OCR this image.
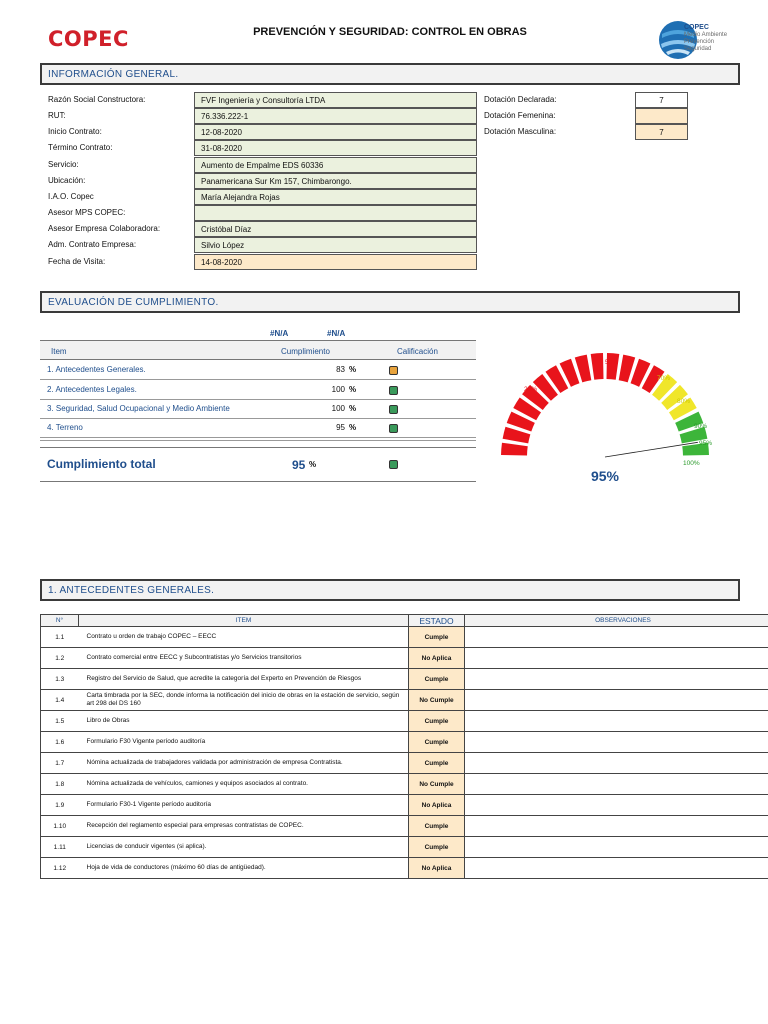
COPEC	PREVENCIÓN Y SEGURIDAD: CONTROL EN OBRAS	COPEC
Medio Ambiente
Prevención
Seguridad
INFORMACIÓN GENERAL.
Razón Social Constructora:	FVF Ingeniería y Consultoría LTDA
RUT:	76.336.222-1
Inicio Contrato:	12-08-2020
Término Contrato:	31-08-2020
Servicio:	Aumento de Empalme EDS 60336
Ubicación:	Panamericana Sur Km 157, Chimbarongo.
I.A.O. Copec	María Alejandra Rojas
Asesor MPS COPEC:
Asesor Empresa Colaboradora:	Cristóbal Díaz
Adm. Contrato Empresa:	Silvio López
Fecha de Visita:	14-08-2020
Dotación Declarada:	7
Dotación Femenina:
Dotación Masculina:	7
EVALUACIÓN DE CUMPLIMIENTO.
#N/A	#N/A
Item	Cumplimiento	Calificación
1. Antecedentes Generales.	83 %
2. Antecedentes Legales.	100 %
3. Seguridad, Salud Ocupacional y Medio Ambiente	100 %
4. Terreno	95 %
Cumplimiento total	95 %
25%
50%
70%
80%
90%
95%
100%
95%
1. ANTECEDENTES GENERALES.
N°	ITEM	ESTADO	OBSERVACIONES
1.1	Contrato u orden de trabajo COPEC – EECC	Cumple	
1.2	Contrato comercial entre EECC y Subcontratistas y/o Servicios transitorios	No Aplica	
1.3	Registro del Servicio de Salud, que acredite la categoría del Experto en Prevención de Riesgos	Cumple	
1.4	Carta timbrada por la SEC, donde informa la notificación del inicio de obras en la estación de servicio, según art 298 del DS 160	No Cumple	
1.5	Libro de Obras	Cumple	
1.6	Formulario F30 Vigente período auditoría	Cumple	
1.7	Nómina actualizada de trabajadores validada por administración de empresa Contratista.	Cumple	
1.8	Nómina actualizada de vehículos, camiones y equipos asociados al contrato.	No Cumple	
1.9	Formulario F30-1 Vigente período auditoría	No Aplica	
1.10	Recepción del reglamento especial para empresas contratistas de COPEC.	Cumple	
1.11	Licencias de conducir vigentes (si aplica).	Cumple	
1.12	Hoja de vida de conductores (máximo 60 días de antigüedad).	No Aplica	
